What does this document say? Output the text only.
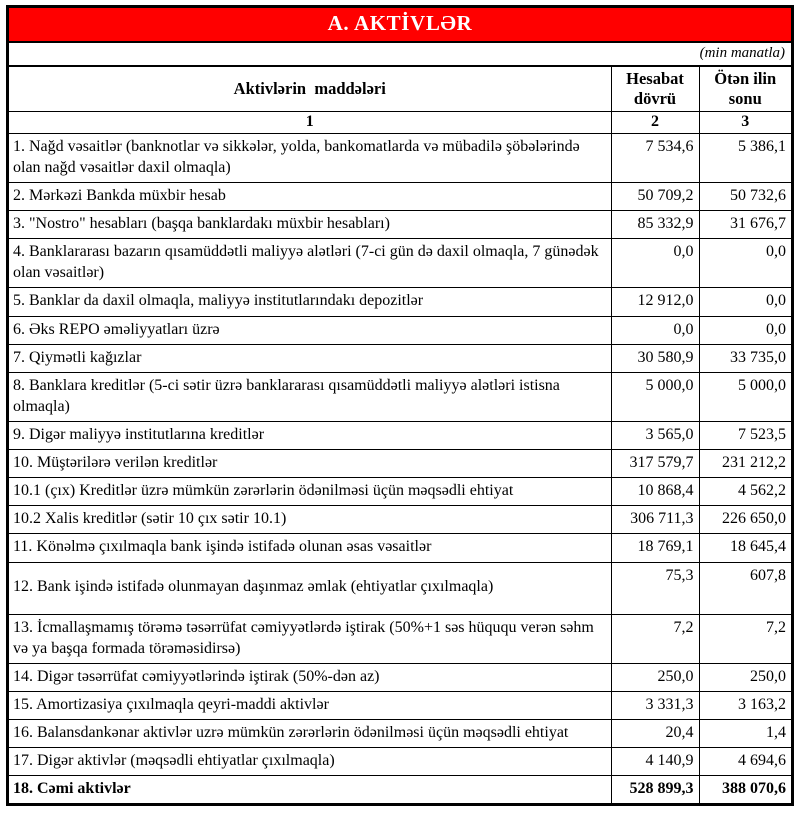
A. AKTİVLƏR
(min manatla)
Aktivlərin  maddələri	Hesabat dövrü	Ötən ilin sonu
1	2	3
1. Nağd vəsaitlər (banknotlar və sikkələr, yolda, bankomatlarda və mübadilə şöbələrində olan nağd vəsaitlər daxil olmaqla)	7 534,6	5 386,1
2. Mərkəzi Bankda müxbir hesab	50 709,2	50 732,6
3. "Nostro" hesabları (başqa banklardakı müxbir hesabları)	85 332,9	31 676,7
4. Banklararası bazarın qısamüddətli maliyyə alətləri (7-ci gün də daxil olmaqla, 7 günədək olan vəsaitlər)	0,0	0,0
5. Banklar da daxil olmaqla, maliyyə institutlarındakı depozitlər	12 912,0	0,0
6. Əks REPO əməliyyatları üzrə	0,0	0,0
7. Qiymətli kağızlar	30 580,9	33 735,0
8. Banklara kreditlər (5-ci sətir üzrə banklararası qısamüddətli maliyyə alətləri istisna olmaqla)	5 000,0	5 000,0
9. Digər maliyyə institutlarına kreditlər	3 565,0	7 523,5
10. Müştərilərə verilən kreditlər	317 579,7	231 212,2
10.1 (çıx) Kreditlər üzrə mümkün zərərlərin ödənilməsi üçün məqsədli ehtiyat	10 868,4	4 562,2
10.2 Xalis kreditlər (sətir 10 çıx sətir 10.1)	306 711,3	226 650,0
11. Könəlmə çıxılmaqla bank işində istifadə olunan əsas vəsaitlər	18 769,1	18 645,4
12. Bank işində istifadə olunmayan daşınmaz əmlak (ehtiyatlar çıxılmaqla)	75,3	607,8
13. İcmallaşmamış törəmə təsərrüfat cəmiyyətlərdə iştirak (50%+1 səs hüququ verən səhm və ya başqa formada törəməsidirsə)	7,2	7,2
14. Digər təsərrüfat cəmiyyətlərində iştirak (50%-dən az)	250,0	250,0
15. Amortizasiya çıxılmaqla qeyri-maddi aktivlər	3 331,3	3 163,2
16. Balansdankənar aktivlər uzrə mümkün zərərlərin ödənilməsi üçün məqsədli ehtiyat	20,4	1,4
17. Digər aktivlər (məqsədli ehtiyatlar çıxılmaqla)	4 140,9	4 694,6
18. Cəmi aktivlər	528 899,3	388 070,6
